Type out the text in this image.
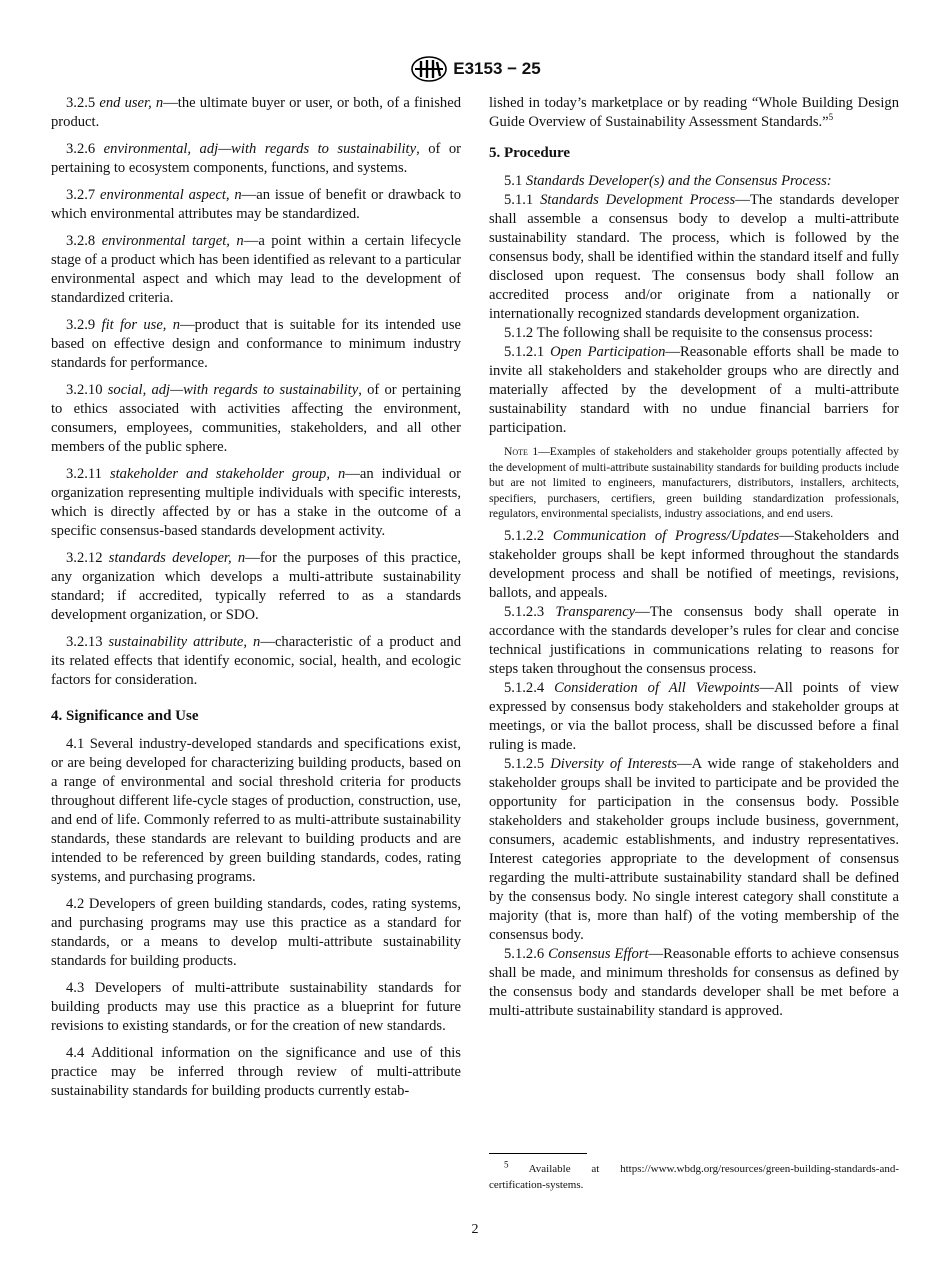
E3153 − 25

3.2.5 end user, n—the ultimate buyer or user, or both, of a finished product.

3.2.6 environmental, adj—with regards to sustainability, of or pertaining to ecosystem components, functions, and systems.

3.2.7 environmental aspect, n—an issue of benefit or drawback to which environmental attributes may be standardized.

3.2.8 environmental target, n—a point within a certain lifecycle stage of a product which has been identified as relevant to a particular environmental aspect and which may lead to the development of standardized criteria.

3.2.9 fit for use, n—product that is suitable for its intended use based on effective design and conformance to minimum industry standards for performance.

3.2.10 social, adj—with regards to sustainability, of or pertaining to ethics associated with activities affecting the environment, consumers, employees, communities, stakeholders, and all other members of the public sphere.

3.2.11 stakeholder and stakeholder group, n—an individual or organization representing multiple individuals with specific interests, which is directly affected by or has a stake in the outcome of a specific consensus-based standards development activity.

3.2.12 standards developer, n—for the purposes of this practice, any organization which develops a multi-attribute sustainability standard; if accredited, typically referred to as a standards development organization, or SDO.

3.2.13 sustainability attribute, n—characteristic of a product and its related effects that identify economic, social, health, and ecologic factors for consideration.

4. Significance and Use

4.1 Several industry-developed standards and specifications exist, or are being developed for characterizing building products, based on a range of environmental and social threshold criteria for products throughout different life-cycle stages of production, construction, use, and end of life. Commonly referred to as multi-attribute sustainability standards, these standards are relevant to building products and are intended to be referenced by green building standards, codes, rating systems, and purchasing programs.

4.2 Developers of green building standards, codes, rating systems, and purchasing programs may use this practice as a standard for standards, or a means to develop multi-attribute sustainability standards for building products.

4.3 Developers of multi-attribute sustainability standards for building products may use this practice as a blueprint for future revisions to existing standards, or for the creation of new standards.

4.4 Additional information on the significance and use of this practice may be inferred through review of multi-attribute sustainability standards for building products currently estab-

lished in today’s marketplace or by reading “Whole Building Design Guide Overview of Sustainability Assessment Standards.”$^5$

5. Procedure

5.1 Standards Developer(s) and the Consensus Process:

5.1.1 Standards Development Process—The standards developer shall assemble a consensus body to develop a multi-attribute sustainability standard. The process, which is followed by the consensus body, shall be identified within the standard itself and fully disclosed upon request. The consensus body shall follow an accredited process and/or originate from a nationally or internationally recognized standards development organization.

5.1.2 The following shall be requisite to the consensus process:

5.1.2.1 Open Participation—Reasonable efforts shall be made to invite all stakeholders and stakeholder groups who are directly and materially affected by the development of a multi-attribute sustainability standard with no undue financial barriers for participation.

Note 1—Examples of stakeholders and stakeholder groups potentially affected by the development of multi-attribute sustainability standards for building products include but are not limited to engineers, manufacturers, distributors, installers, architects, specifiers, purchasers, certifiers, green building standardization professionals, regulators, environmental specialists, industry associations, and end users.

5.1.2.2 Communication of Progress/Updates—Stakeholders and stakeholder groups shall be kept informed throughout the standards development process and shall be notified of meetings, revisions, ballots, and appeals.

5.1.2.3 Transparency—The consensus body shall operate in accordance with the standards developer’s rules for clear and concise technical justifications in communications relating to reasons for steps taken throughout the consensus process.

5.1.2.4 Consideration of All Viewpoints—All points of view expressed by consensus body stakeholders and stakeholder groups at meetings, or via the ballot process, shall be discussed before a final ruling is made.

5.1.2.5 Diversity of Interests—A wide range of stakeholders and stakeholder groups shall be invited to participate and be provided the opportunity for participation in the consensus body. Possible stakeholders and stakeholder groups include business, government, consumers, academic establishments, and industry representatives. Interest categories appropriate to the development of consensus regarding the multi-attribute sustainability standard shall be defined by the consensus body. No single interest category shall constitute a majority (that is, more than half) of the voting membership of the consensus body.

5.1.2.6 Consensus Effort—Reasonable efforts to achieve consensus shall be made, and minimum thresholds for consensus as defined by the consensus body and standards developer shall be met before a multi-attribute sustainability standard is approved.

$^5$ Available at https://www.wbdg.org/resources/green-building-standards-and-certification-systems.
2
